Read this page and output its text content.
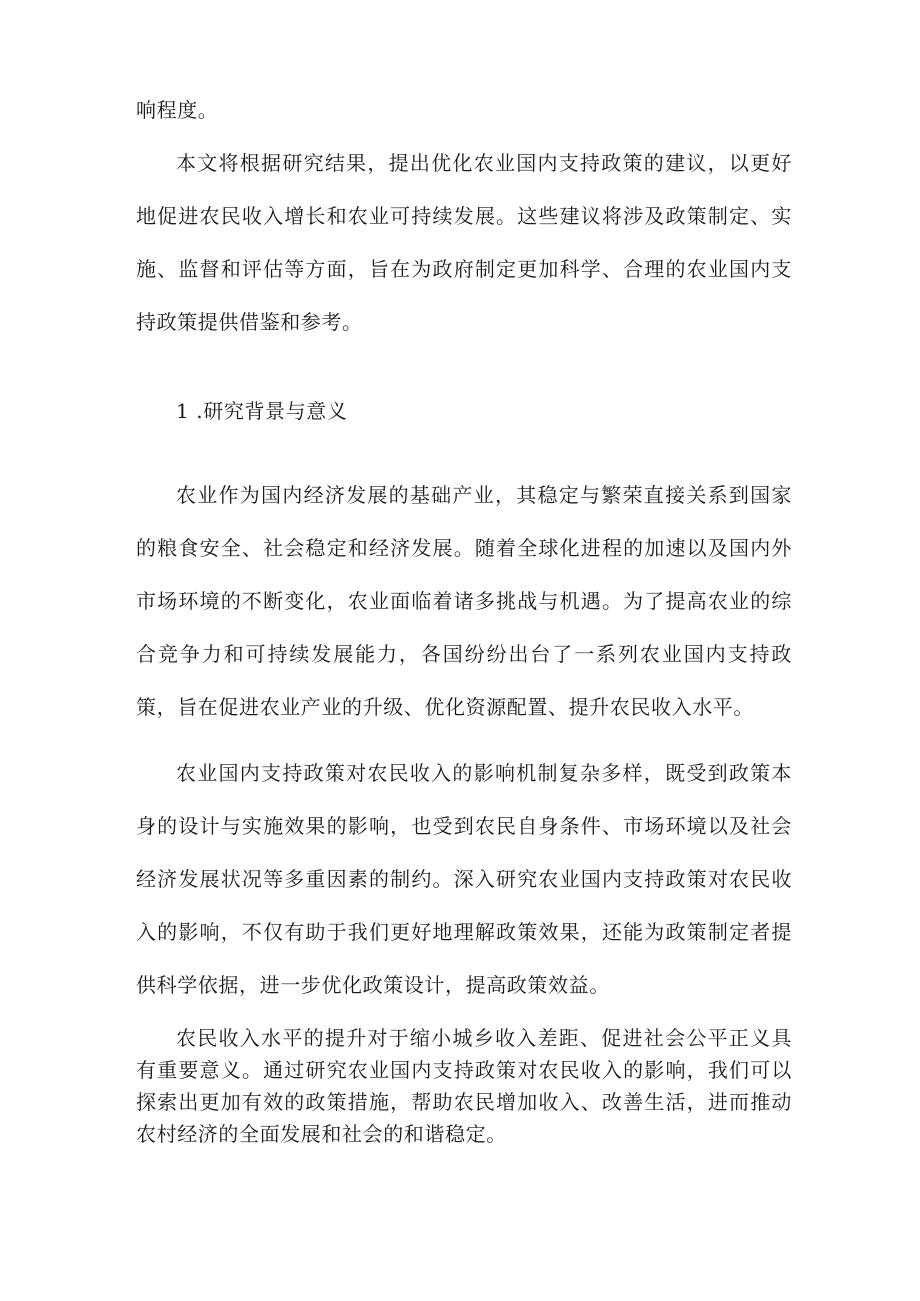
响程度。

本文将根据研究结果，提出优化农业国内支持政策的建议，以更好地促进农民收入增长和农业可持续发展。这些建议将涉及政策制定、实施、监督和评估等方面，旨在为政府制定更加科学、合理的农业国内支持政策提供借鉴和参考。

1 .研究背景与意义

农业作为国内经济发展的基础产业，其稳定与繁荣直接关系到国家的粮食安全、社会稳定和经济发展。随着全球化进程的加速以及国内外市场环境的不断变化，农业面临着诸多挑战与机遇。为了提高农业的综合竞争力和可持续发展能力，各国纷纷出台了一系列农业国内支持政策，旨在促进农业产业的升级、优化资源配置、提升农民收入水平。

农业国内支持政策对农民收入的影响机制复杂多样，既受到政策本身的设计与实施效果的影响，也受到农民自身条件、市场环境以及社会经济发展状况等多重因素的制约。深入研究农业国内支持政策对农民收入的影响，不仅有助于我们更好地理解政策效果，还能为政策制定者提供科学依据，进一步优化政策设计，提高政策效益。

农民收入水平的提升对于缩小城乡收入差距、促进社会公平正义具有重要意义。通过研究农业国内支持政策对农民收入的影响，我们可以探索出更加有效的政策措施，帮助农民增加收入、改善生活，进而推动农村经济的全面发展和社会的和谐稳定。
